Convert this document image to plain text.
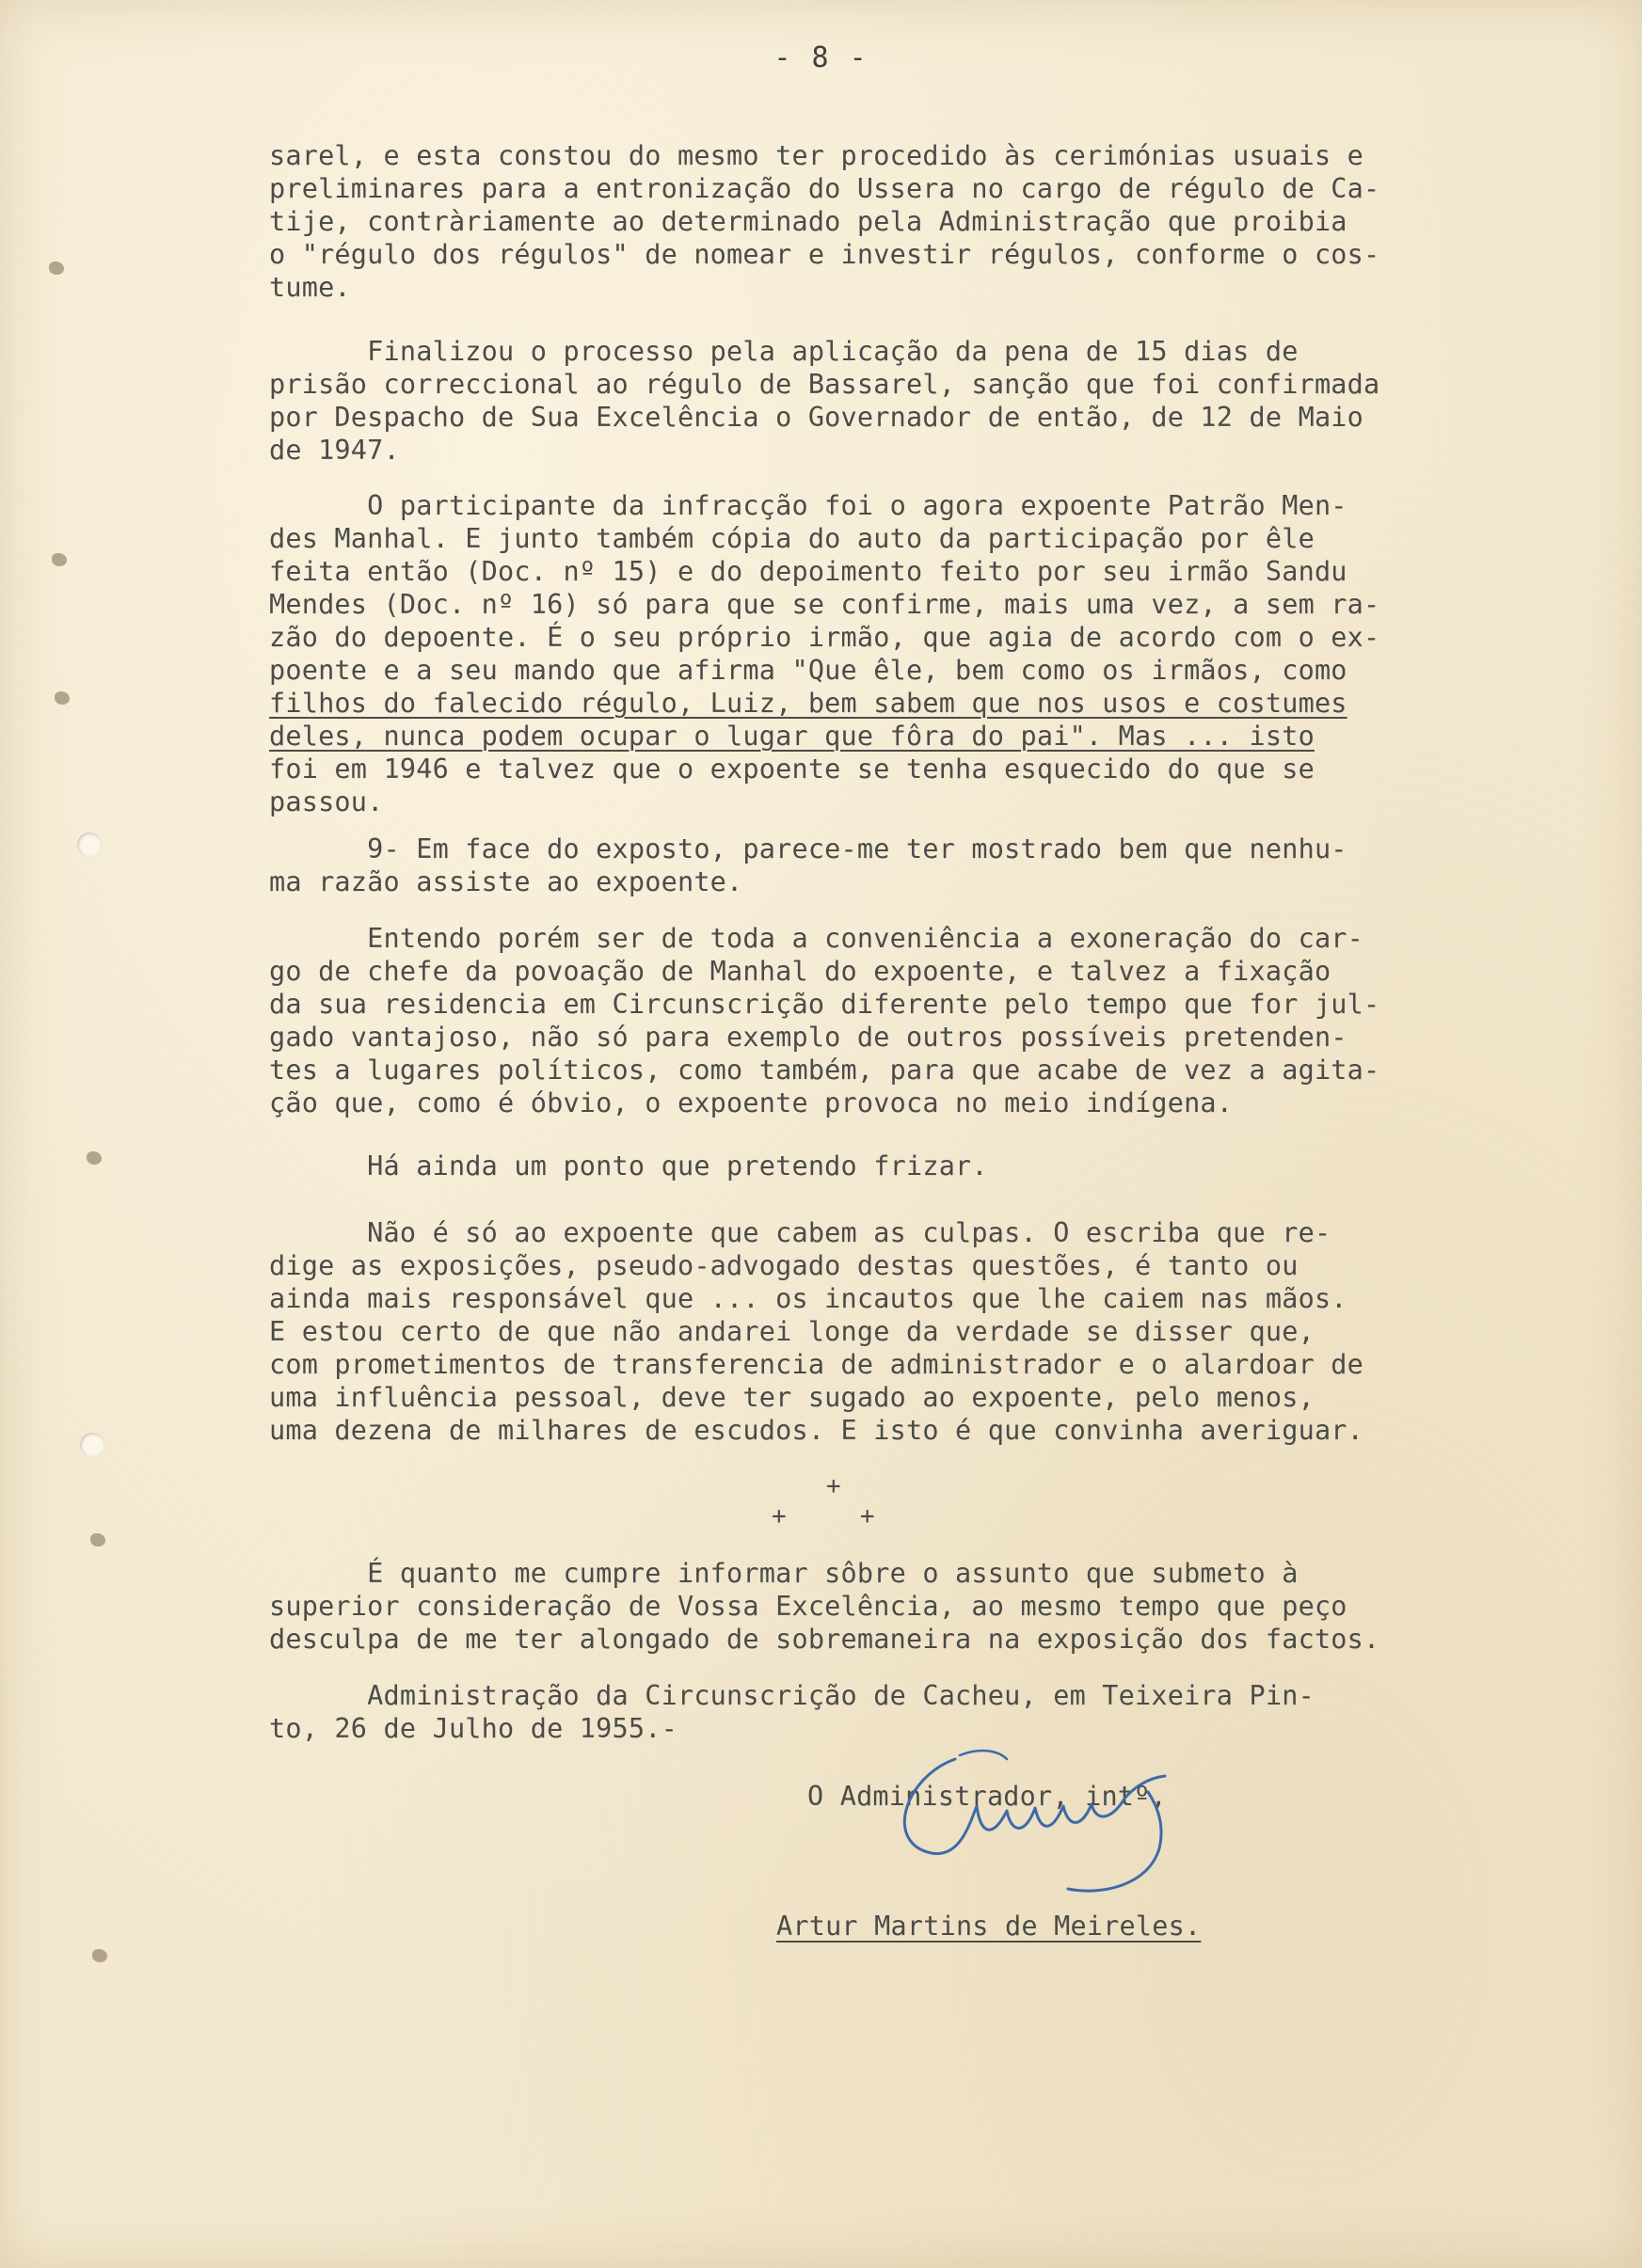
- 8 -
sarel, e esta constou do mesmo ter procedido às cerimónias usuais e
preliminares para a entronização do Ussera no cargo de régulo de Ca-
tije, contràriamente ao determinado pela Administração que proibia
o "régulo dos régulos" de nomear e investir régulos, conforme o cos-
tume.
Finalizou o processo pela aplicação da pena de 15 dias de
prisão correccional ao régulo de Bassarel, sanção que foi confirmada
por Despacho de Sua Excelência o Governador de então, de 12 de Maio
de 1947.
O participante da infracção foi o agora expoente Patrão Men-
des Manhal. E junto também cópia do auto da participação por êle
feita então (Doc. nº 15) e do depoimento feito por seu irmão Sandu
Mendes (Doc. nº 16) só para que se confirme, mais uma vez, a sem ra-
zão do depoente. É o seu próprio irmão, que agia de acordo com o ex-
poente e a seu mando que afirma "Que êle, bem como os irmãos, como
filhos do falecido régulo, Luiz, bem sabem que nos usos e costumes
deles, nunca podem ocupar o lugar que fôra do pai". Mas ... isto
foi em 1946 e talvez que o expoente se tenha esquecido do que se
passou.
9- Em face do exposto, parece-me ter mostrado bem que nenhu-
ma razão assiste ao expoente.
Entendo porém ser de toda a conveniência a exoneração do car-
go de chefe da povoação de Manhal do expoente, e talvez a fixação
da sua residencia em Circunscrição diferente pelo tempo que for jul-
gado vantajoso, não só para exemplo de outros possíveis pretenden-
tes a lugares políticos, como também, para que acabe de vez a agita-
ção que, como é óbvio, o expoente provoca no meio indígena.
Há ainda um ponto que pretendo frizar.
Não é só ao expoente que cabem as culpas. O escriba que re-
dige as exposições, pseudo-advogado destas questões, é tanto ou
ainda mais responsável que ... os incautos que lhe caiem nas mãos.
E estou certo de que não andarei longe da verdade se disser que,
com prometimentos de transferencia de administrador e o alardoar de
uma influência pessoal, deve ter sugado ao expoente, pelo menos,
uma dezena de milhares de escudos. E isto é que convinha averiguar.
É quanto me cumpre informar sôbre o assunto que submeto à
superior consideração de Vossa Excelência, ao mesmo tempo que peço
desculpa de me ter alongado de sobremaneira na exposição dos factos.
Administração da Circunscrição de Cacheu, em Teixeira Pin-
to, 26 de Julho de 1955.-
+
+     +
O Administrador, intº,
Artur Martins de Meireles.
